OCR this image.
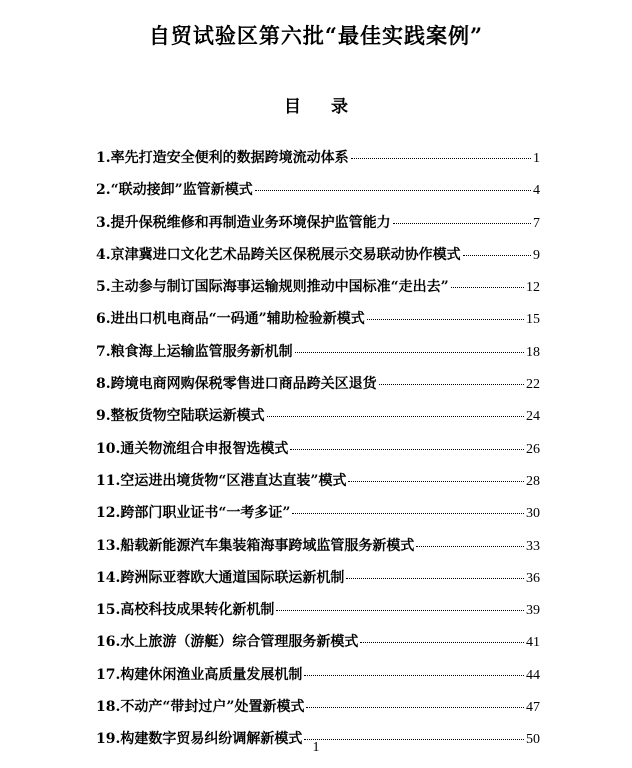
自贸试验区第六批“最佳实践案例”
目录
1.率先打造安全便利的数据跨境流动体系	1
2.“联动接卸”监管新模式	4
3.提升保税维修和再制造业务环境保护监管能力	7
4.京津冀进口文化艺术品跨关区保税展示交易联动协作模式	9
5.主动参与制订国际海事运输规则推动中国标准“走出去”	12
6.进出口机电商品“一码通”辅助检验新模式	15
7.粮食海上运输监管服务新机制	18
8.跨境电商网购保税零售进口商品跨关区退货	22
9.整板货物空陆联运新模式	24
10.通关物流组合申报智选模式	26
11.空运进出境货物“区港直达直装”模式	28
12.跨部门职业证书“一考多证”	30
13.船载新能源汽车集装箱海事跨域监管服务新模式	33
14.跨洲际亚蓉欧大通道国际联运新机制	36
15.高校科技成果转化新机制	39
16.水上旅游（游艇）综合管理服务新模式	41
17.构建休闲渔业高质量发展机制	44
18.不动产“带封过户”处置新模式	47
19.构建数字贸易纠纷调解新模式	50
1
